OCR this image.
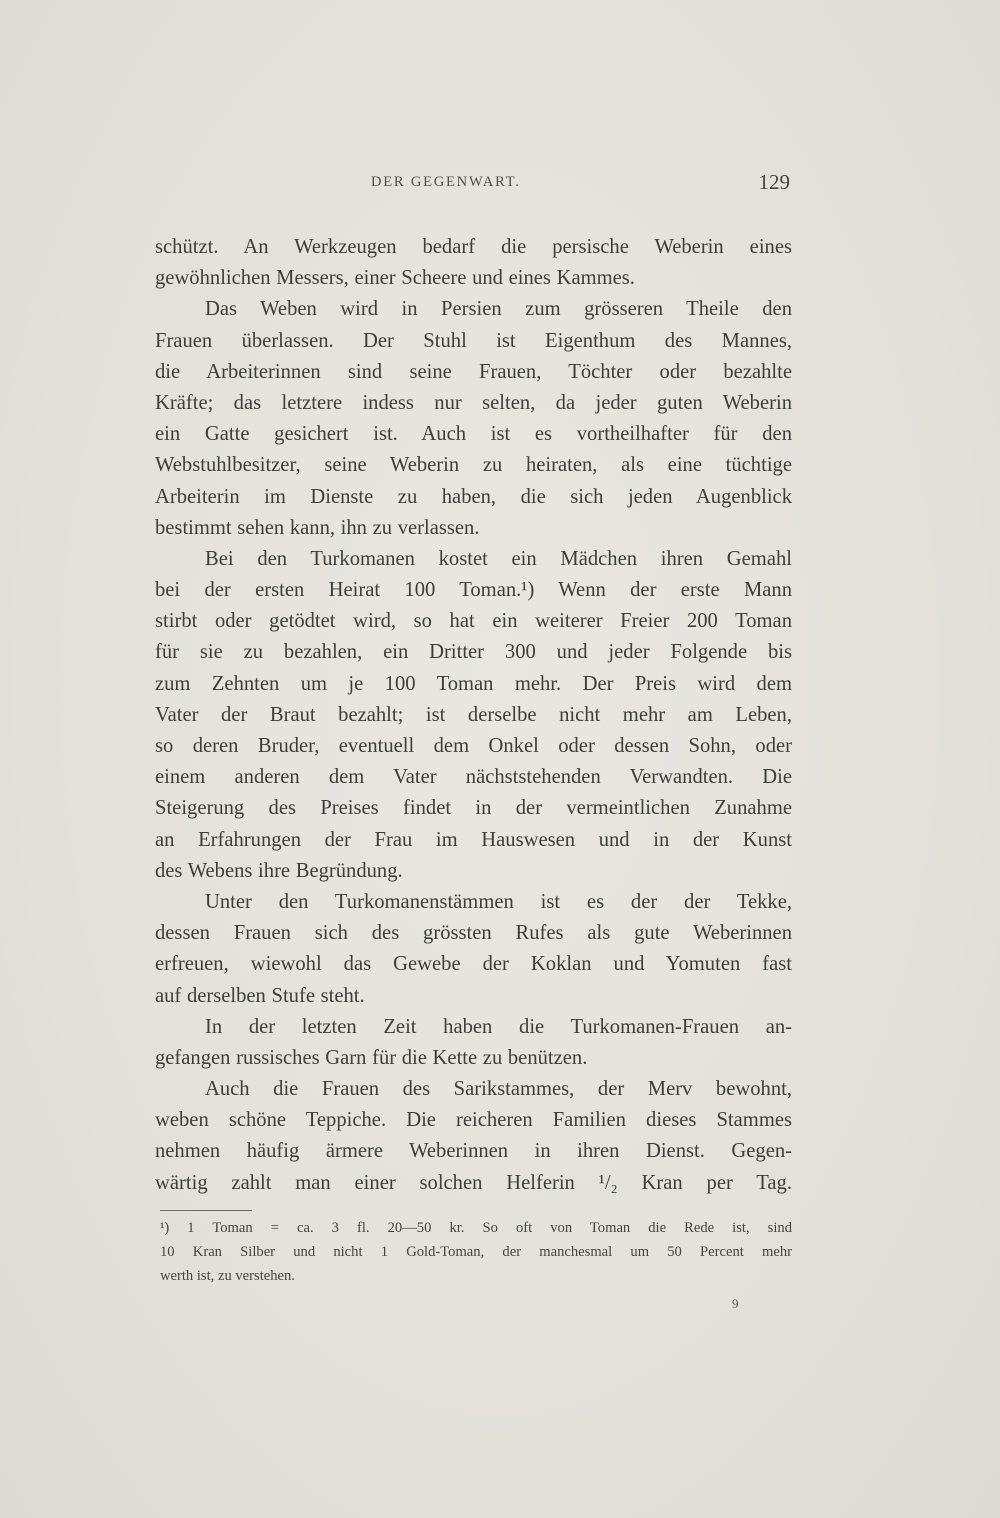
DER GEGENWART.	129
schützt. An Werkzeugen bedarf die persische Weberin eines
gewöhnlichen Messers, einer Scheere und eines Kammes.
Das Weben wird in Persien zum grösseren Theile den
Frauen überlassen. Der Stuhl ist Eigenthum des Mannes,
die Arbeiterinnen sind seine Frauen, Töchter oder bezahlte
Kräfte; das letztere indess nur selten, da jeder guten Weberin
ein Gatte gesichert ist. Auch ist es vortheilhafter für den
Webstuhlbesitzer, seine Weberin zu heiraten, als eine tüchtige
Arbeiterin im Dienste zu haben, die sich jeden Augenblick
bestimmt sehen kann, ihn zu verlassen.
Bei den Turkomanen kostet ein Mädchen ihren Gemahl
bei der ersten Heirat 100 Toman.¹) Wenn der erste Mann
stirbt oder getödtet wird, so hat ein weiterer Freier 200 Toman
für sie zu bezahlen, ein Dritter 300 und jeder Folgende bis
zum Zehnten um je 100 Toman mehr. Der Preis wird dem
Vater der Braut bezahlt; ist derselbe nicht mehr am Leben,
so deren Bruder, eventuell dem Onkel oder dessen Sohn, oder
einem anderen dem Vater nächststehenden Verwandten. Die
Steigerung des Preises findet in der vermeintlichen Zunahme
an Erfahrungen der Frau im Hauswesen und in der Kunst
des Webens ihre Begründung.
Unter den Turkomanenstämmen ist es der der Tekke,
dessen Frauen sich des grössten Rufes als gute Weberinnen
erfreuen, wiewohl das Gewebe der Koklan und Yomuten fast
auf derselben Stufe steht.
In der letzten Zeit haben die Turkomanen-Frauen an-
gefangen russisches Garn für die Kette zu benützen.
Auch die Frauen des Sarikstammes, der Merv bewohnt,
weben schöne Teppiche. Die reicheren Familien dieses Stammes
nehmen häufig ärmere Weberinnen in ihren Dienst. Gegen-
wärtig zahlt man einer solchen Helferin ¹/₂ Kran per Tag.
¹) 1 Toman = ca. 3 fl. 20—50 kr. So oft von Toman die Rede ist, sind
10 Kran Silber und nicht 1 Gold-Toman, der manchesmal um 50 Percent mehr
werth ist, zu verstehen.
9
